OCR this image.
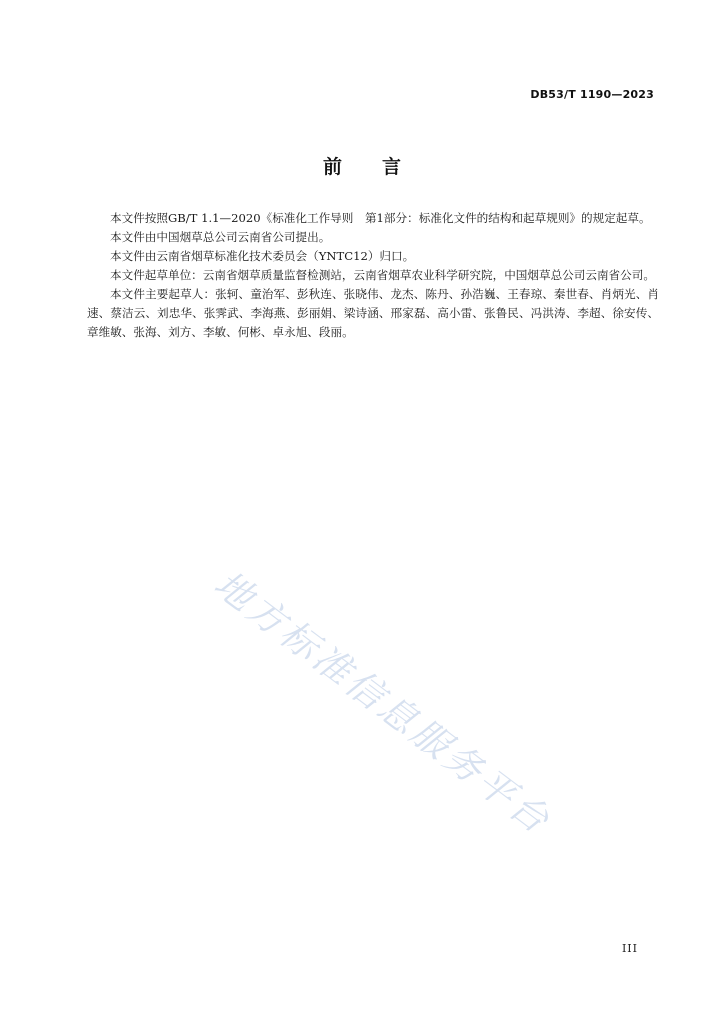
DB53/T 1190—2023
前言

本文件按照GB/T 1.1—2020《标准化工作导则　第1部分：标准化文件的结构和起草规则》的规定起草。

本文件由中国烟草总公司云南省公司提出。

本文件由云南省烟草标准化技术委员会（YNTC12）归口。

本文件起草单位：云南省烟草质量监督检测站，云南省烟草农业科学研究院，中国烟草总公司云南省公司。

本文件主要起草人：张轲、童治军、彭秋连、张晓伟、龙杰、陈丹、孙浩巍、王春琼、秦世春、肖炳光、肖速、蔡洁云、刘忠华、张霁武、李海燕、彭丽娟、梁诗涵、邢家磊、高小雷、张鲁民、冯洪涛、李超、徐安传、章维敏、张海、刘方、李敏、何彬、卓永旭、段丽。

地方标准信息服务平台
III
